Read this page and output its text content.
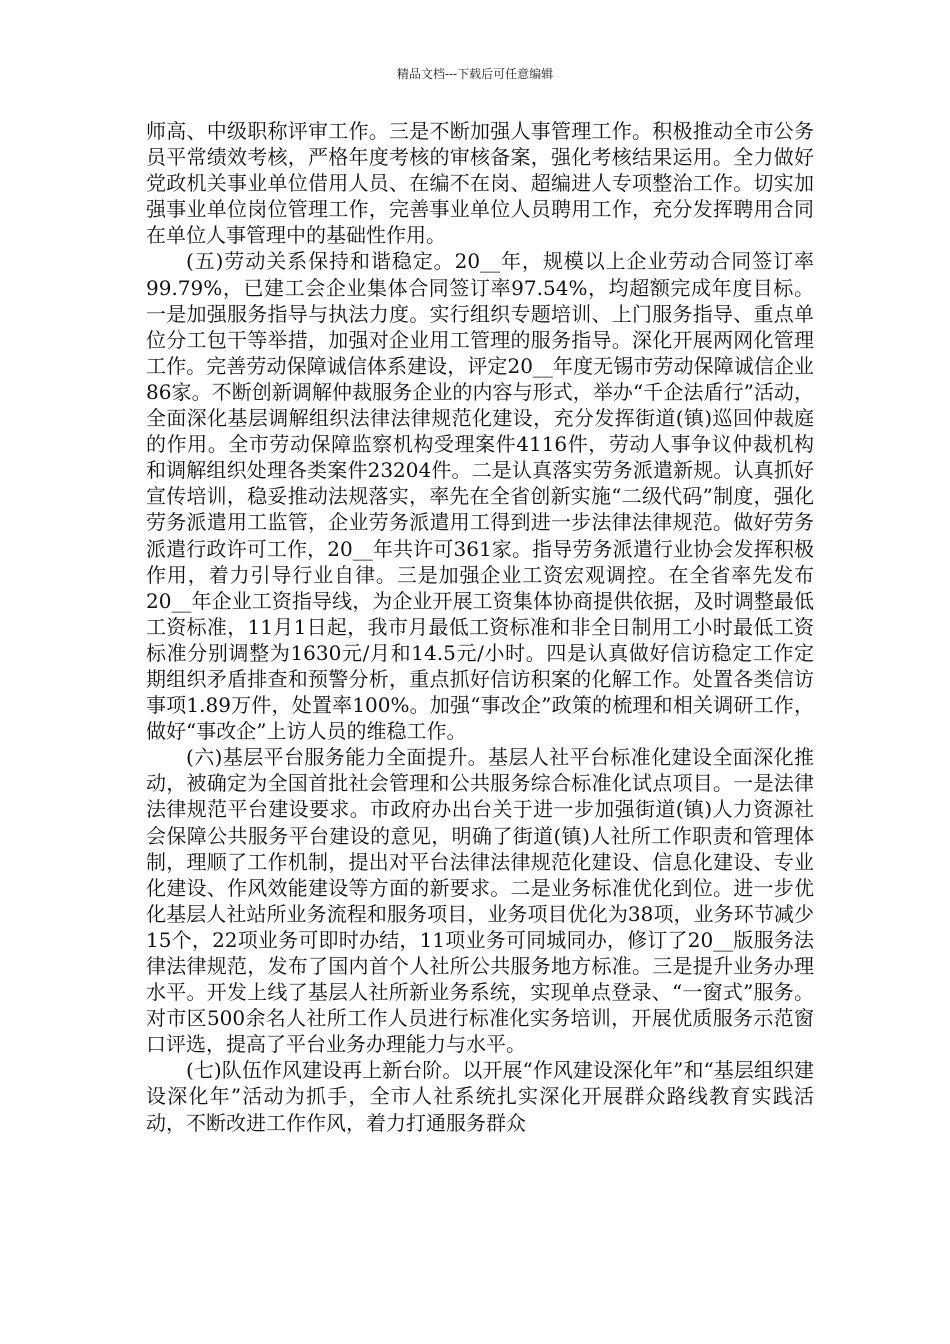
精品文档---下载后可任意编辑

师高、中级职称评审工作。三是不断加强人事管理工作。积极推动全市公务员平常绩效考核，严格年度考核的审核备案，强化考核结果运用。全力做好党政机关事业单位借用人员、在编不在岗、超编进人专项整治工作。切实加强事业单位岗位管理工作，完善事业单位人员聘用工作，充分发挥聘用合同在单位人事管理中的基础性作用。

(五)劳动关系保持和谐稳定。20__年，规模以上企业劳动合同签订率99.79%，已建工会企业集体合同签订率97.54%，均超额完成年度目标。一是加强服务指导与执法力度。实行组织专题培训、上门服务指导、重点单位分工包干等举措，加强对企业用工管理的服务指导。深化开展两网化管理工作。完善劳动保障诚信体系建设，评定20__年度无锡市劳动保障诚信企业86家。不断创新调解仲裁服务企业的内容与形式，举办“千企法盾行”活动，全面深化基层调解组织法律法律规范化建设，充分发挥街道(镇)巡回仲裁庭的作用。全市劳动保障监察机构受理案件4116件，劳动人事争议仲裁机构和调解组织处理各类案件23204件。二是认真落实劳务派遣新规。认真抓好宣传培训，稳妥推动法规落实，率先在全省创新实施“二级代码”制度，强化劳务派遣用工监管，企业劳务派遣用工得到进一步法律法律规范。做好劳务派遣行政许可工作，20__年共许可361家。指导劳务派遣行业协会发挥积极作用，着力引导行业自律。三是加强企业工资宏观调控。在全省率先发布20__年企业工资指导线，为企业开展工资集体协商提供依据，及时调整最低工资标准，11月1日起，我市月最低工资标准和非全日制用工小时最低工资标准分别调整为1630元/月和14.5元/小时。四是认真做好信访稳定工作定期组织矛盾排查和预警分析，重点抓好信访积案的化解工作。处置各类信访事项1.89万件，处置率100%。加强“事改企”政策的梳理和相关调研工作，做好“事改企”上访人员的维稳工作。

(六)基层平台服务能力全面提升。基层人社平台标准化建设全面深化推动，被确定为全国首批社会管理和公共服务综合标准化试点项目。一是法律法律规范平台建设要求。市政府办出台关于进一步加强街道(镇)人力资源社会保障公共服务平台建设的意见，明确了街道(镇)人社所工作职责和管理体制，理顺了工作机制，提出对平台法律法律规范化建设、信息化建设、专业化建设、作风效能建设等方面的新要求。二是业务标准优化到位。进一步优化基层人社站所业务流程和服务项目，业务项目优化为38项，业务环节减少15个，22项业务可即时办结，11项业务可同城同办，修订了20__版服务法律法律规范，发布了国内首个人社所公共服务地方标准。三是提升业务办理水平。开发上线了基层人社所新业务系统，实现单点登录、“一窗式”服务。对市区500余名人社所工作人员进行标准化实务培训，开展优质服务示范窗口评选，提高了平台业务办理能力与水平。

(七)队伍作风建设再上新台阶。以开展“作风建设深化年”和“基层组织建设深化年”活动为抓手，全市人社系统扎实深化开展群众路线教育实践活动，不断改进工作作风，着力打通服务群众
